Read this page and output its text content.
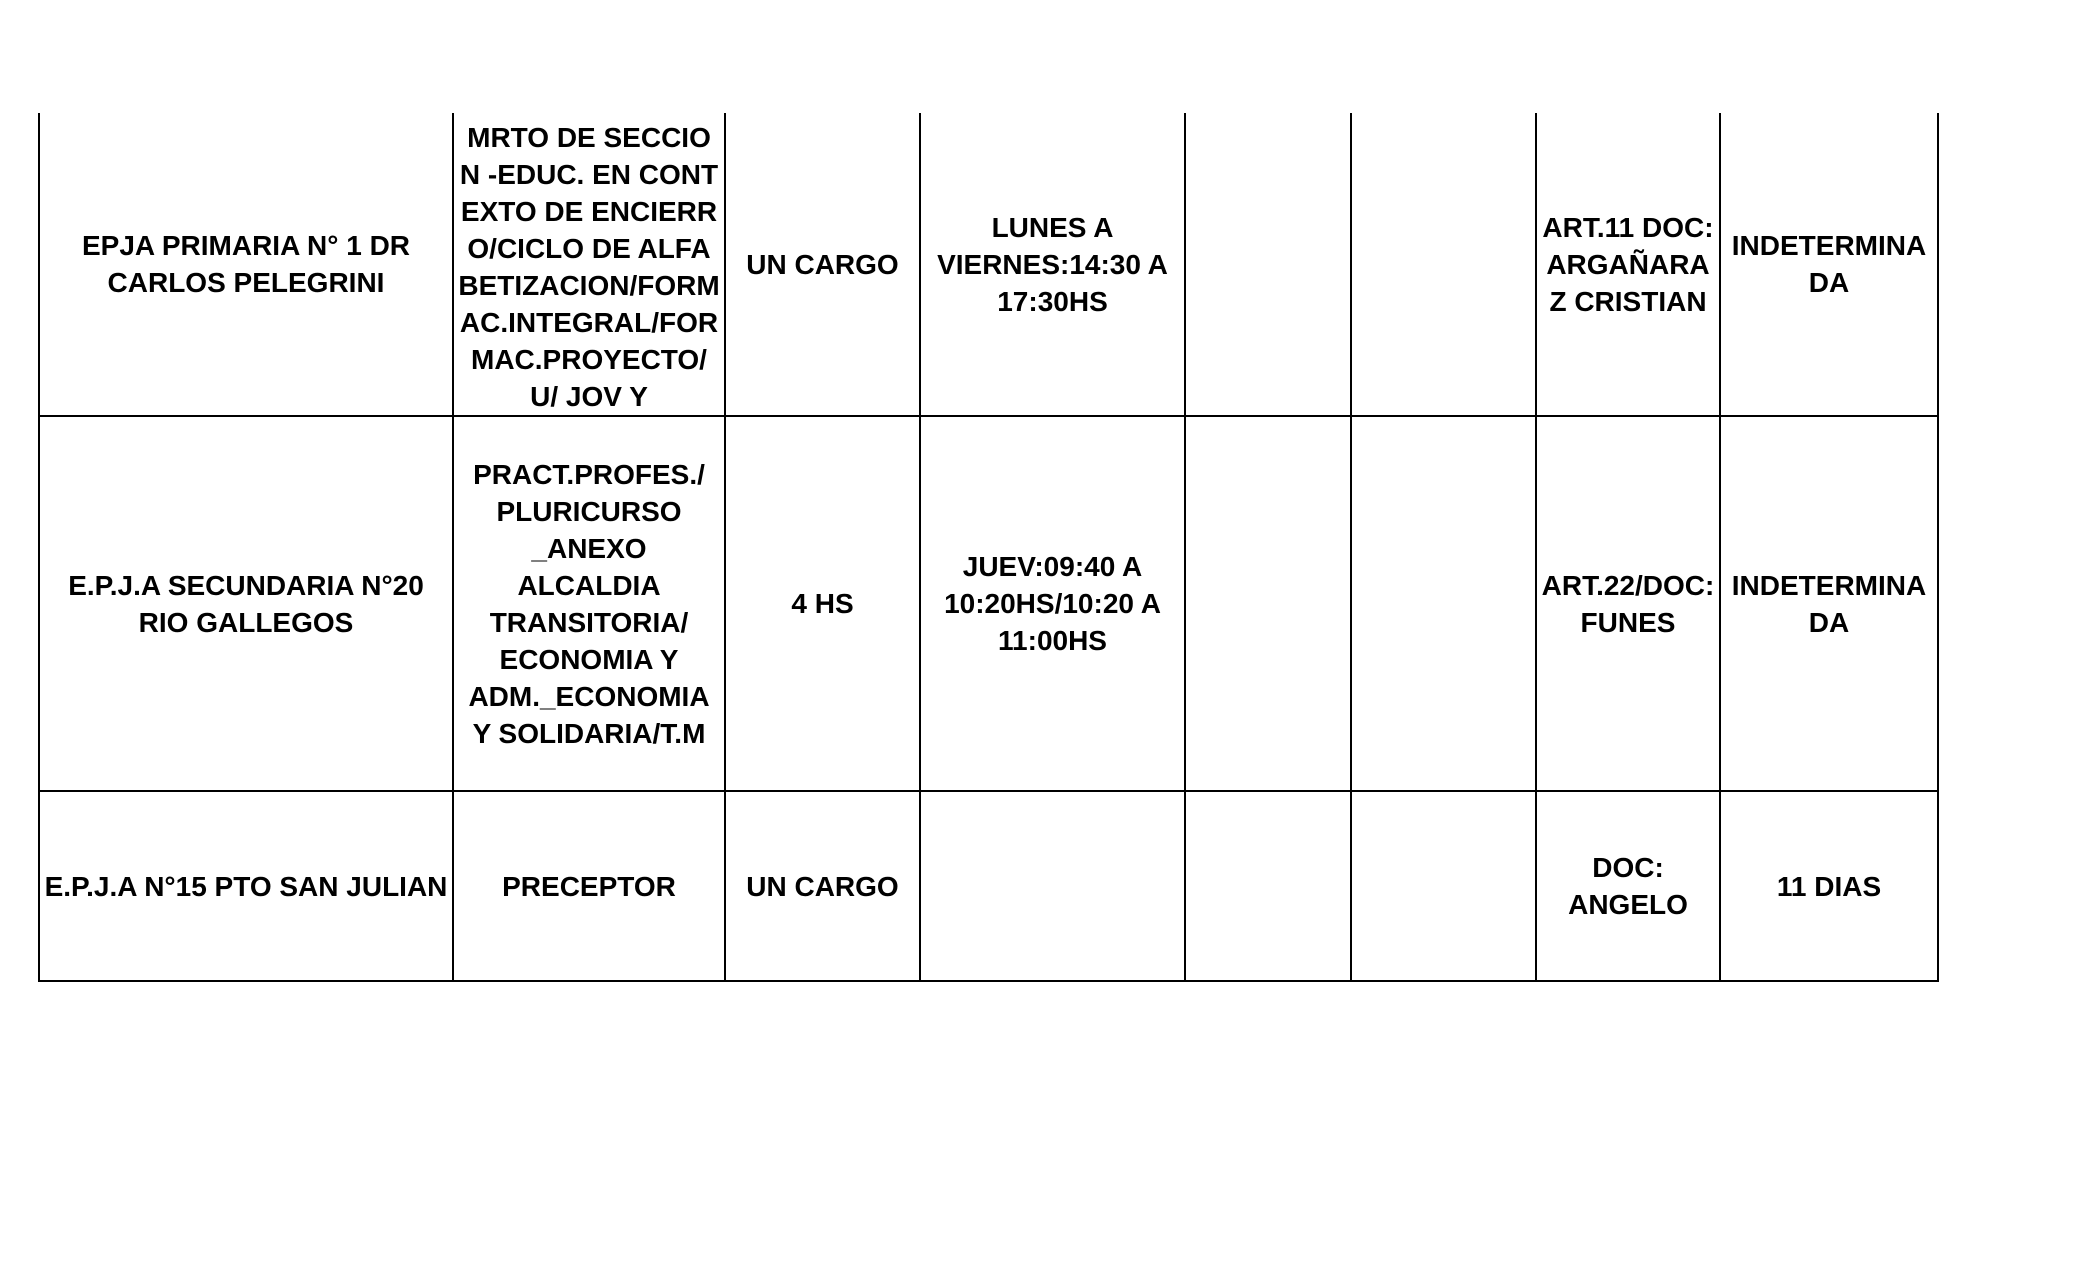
EPJA PRIMARIA N° 1 DR CARLOS PELEGRINI	MRTO DE SECCION -EDUC. EN CONTEXTO DE ENCIERRO/CICLO DE ALFABETIZACION/FORMAC.INTEGRAL/FORMAC.PROYECTO/U/ JOV Y	UN CARGO	LUNES A VIERNES:14:30 A 17:30HS			ART.11 DOC:ARGAÑARAZ CRISTIAN	INDETERMINADA

E.P.J.A SECUNDARIA N°20 RIO GALLEGOS	PRACT.PROFES./ PLURICURSO _ANEXO ALCALDIA TRANSITORIA/ ECONOMIA Y ADM._ECONOMIA Y SOLIDARIA/T.M	4 HS	JUEV:09:40 A 10:20HS/10:20 A 11:00HS			ART.22/DOC: FUNES	INDETERMINADA

E.P.J.A N°15 PTO SAN JULIAN	PRECEPTOR	UN CARGO				DOC: ANGELO	11 DIAS
